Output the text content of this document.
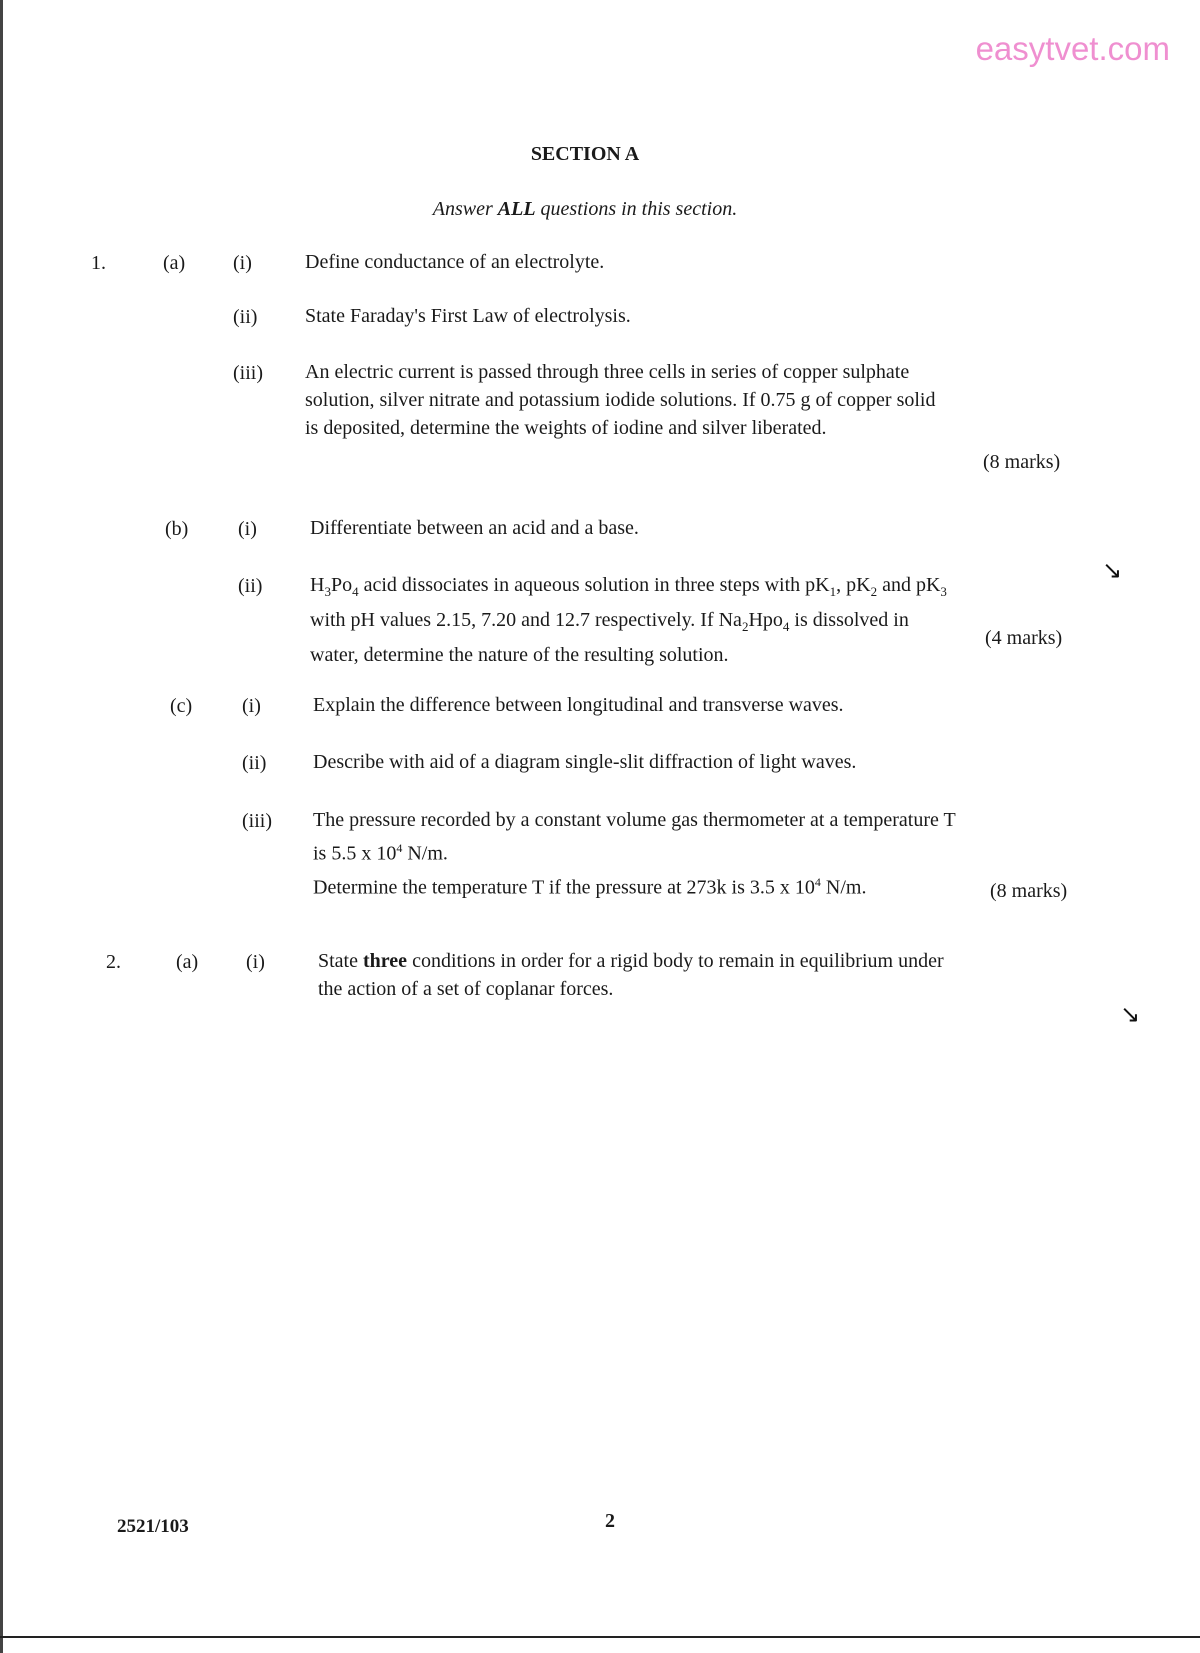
easytvet.com
SECTION A
Answer ALL questions in this section.
1.	(a) (i)	Define conductance of an electrolyte.
(ii) State Faraday's First Law of electrolysis.
(iii) An electric current is passed through three cells in series of copper sulphate
solution, silver nitrate and potassium iodide solutions. If 0.75 g of copper solid
is deposited, determine the weights of iodine and silver liberated.
(8 marks)
(b) (i)	Differentiate between an acid and a base.
(ii) $H_3Po_4$ acid dissociates in aqueous solution in three steps with $pK_1$, $pK_2$ and $pK_3$
with pH values 2.15, 7.20 and 12.7 respectively. If $Na_2Hpo_4$ is dissolved in
water, determine the nature of the resulting solution.
(4 marks)
↘
(c) (i)	Explain the difference between longitudinal and transverse waves.
(ii) Describe with aid of a diagram single-slit diffraction of light waves.
(iii) The pressure recorded by a constant volume gas thermometer at a temperature T
is 5.5 x $10^4$ N/m.
Determine the temperature T if the pressure at 273k is 3.5 x $10^4$ N/m.	(8 marks)
2.	(a) (i)	State three conditions in order for a rigid body to remain in equilibrium under
the action of a set of coplanar forces.
↘
2521/103	2
